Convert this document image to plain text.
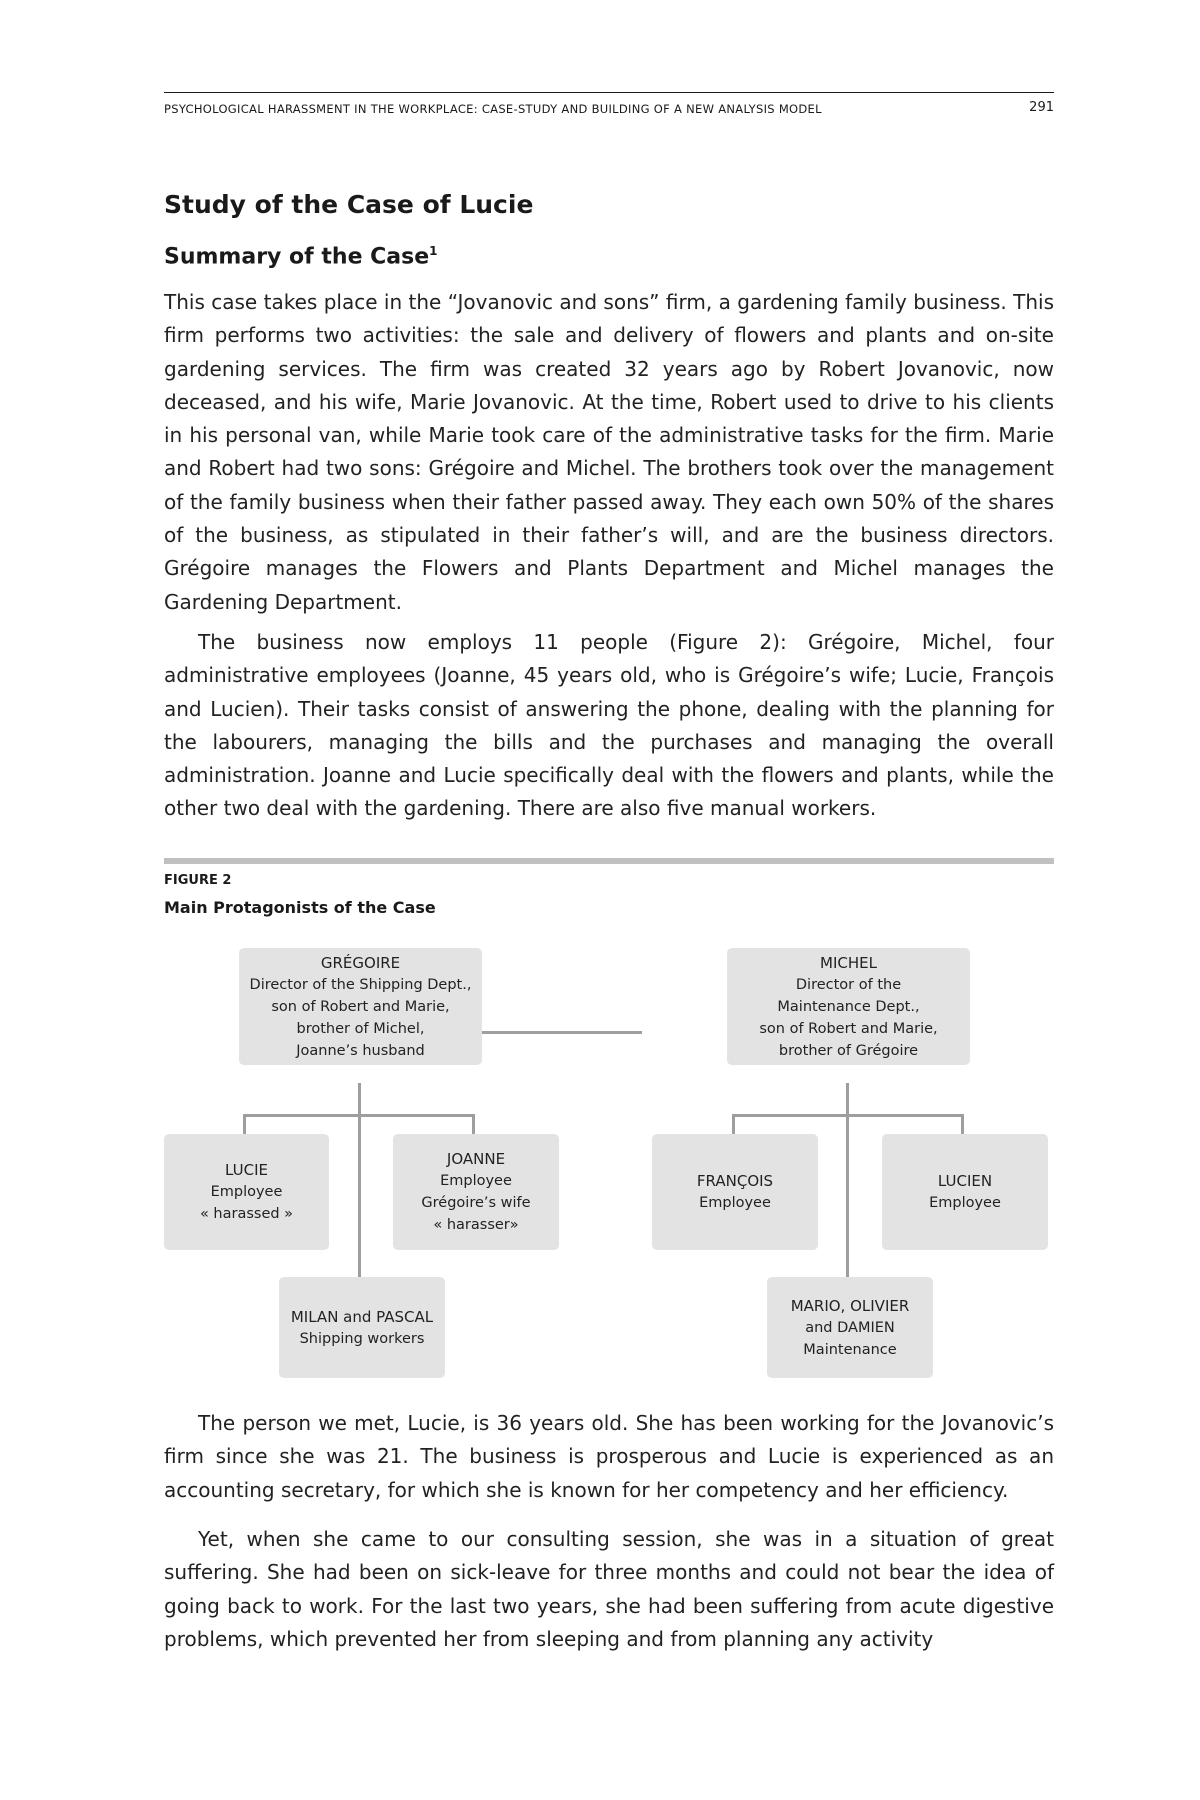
PSYCHOLOGICAL HARASSMENT IN THE WORKPLACE: CASE-STUDY AND BUILDING OF A NEW ANALYSIS MODEL	291
Study of the Case of Lucie
Summary of the Case$^1$

This case takes place in the “Jovanovic and sons” firm, a gardening family business. This firm performs two activities: the sale and delivery of flowers and plants and on-site gardening services. The firm was created 32 years ago by Robert Jovanovic, now deceased, and his wife, Marie Jovanovic. At the time, Robert used to drive to his clients in his personal van, while Marie took care of the administrative tasks for the firm. Marie and Robert had two sons: Grégoire and Michel. The brothers took over the management of the family business when their father passed away. They each own 50% of the shares of the business, as stipulated in their father’s will, and are the business directors. Grégoire manages the Flowers and Plants Department and Michel manages the Gardening Department.

The business now employs 11 people (Figure 2): Grégoire, Michel, four administrative employees (Joanne, 45 years old, who is Grégoire’s wife; Lucie, François and Lucien). Their tasks consist of answering the phone, dealing with the planning for the labourers, managing the bills and the purchases and managing the overall administration. Joanne and Lucie specifically deal with the flowers and plants, while the other two deal with the gardening. There are also five manual workers.

FIGURE 2
Main Protagonists of the Case
GRÉGOIRE
Director of the Shipping Dept.,
son of Robert and Marie,
brother of Michel,
Joanne’s husband
MICHEL
Director of the
Maintenance Dept.,
son of Robert and Marie,
brother of Grégoire
LUCIE
Employee
« harassed »
JOANNE
Employee
Grégoire’s wife
« harasser»
FRANÇOIS
Employee
LUCIEN
Employee
MILAN and PASCAL
Shipping workers
MARIO, OLIVIER
and DAMIEN
Maintenance

The person we met, Lucie, is 36 years old. She has been working for the Jovanovic’s firm since she was 21. The business is prosperous and Lucie is experienced as an accounting secretary, for which she is known for her competency and her efficiency.

Yet, when she came to our consulting session, she was in a situation of great suffering. She had been on sick-leave for three months and could not bear the idea of going back to work. For the last two years, she had been suffering from acute digestive problems, which prevented her from sleeping and from planning any activity
